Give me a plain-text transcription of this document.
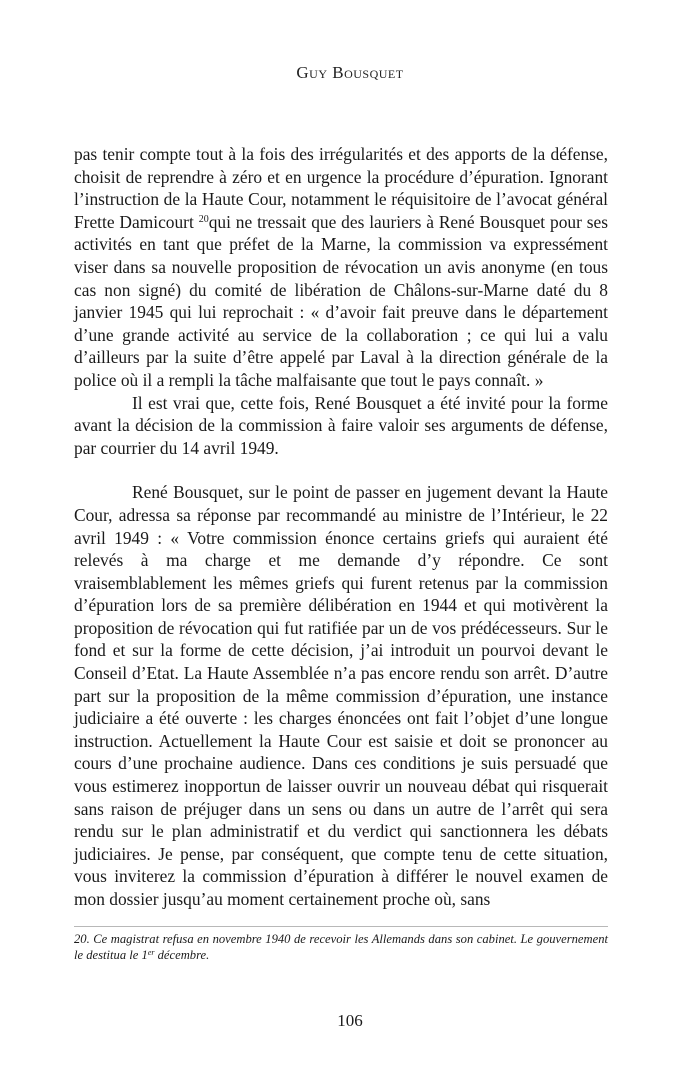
Guy Bousquet

pas tenir compte tout à la fois des irrégularités et des apports de la défense, choisit de reprendre à zéro et en urgence la procédure d’épuration. Ignorant l’instruction de la Haute Cour, notamment le réquisitoire de l’avocat général Frette Damicourt $^{20}$qui ne tressait que des lauriers à René Bousquet pour ses activités en tant que préfet de la Marne, la commission va expressément viser dans sa nouvelle proposition de révocation un avis anonyme (en tous cas non signé) du comité de libération de Châlons-sur-Marne daté du 8 janvier 1945 qui lui reprochait : « d’avoir fait preuve dans le département d’une grande activité au service de la collaboration ; ce qui lui a valu d’ailleurs par la suite d’être appelé par Laval à la direction générale de la police où il a rempli la tâche malfaisante que tout le pays connaît. »

Il est vrai que, cette fois, René Bousquet a été invité pour la forme avant la décision de la commission à faire valoir ses arguments de défense, par courrier du 14 avril 1949.

René Bousquet, sur le point de passer en jugement devant la Haute Cour, adressa sa réponse par recommandé au ministre de l’Intérieur, le 22 avril 1949 : « Votre commission énonce certains griefs qui auraient été relevés à ma charge et me demande d’y répondre. Ce sont vraisemblablement les mêmes griefs qui furent retenus par la commission d’épuration lors de sa première délibération en 1944 et qui motivèrent la proposition de révocation qui fut ratifiée par un de vos prédécesseurs. Sur le fond et sur la forme de cette décision, j’ai introduit un pourvoi devant le Conseil d’Etat. La Haute Assemblée n’a pas encore rendu son arrêt. D’autre part sur la proposition de la même commission d’épuration, une instance judiciaire a été ouverte : les charges énoncées ont fait l’objet d’une longue instruction. Actuellement la Haute Cour est saisie et doit se prononcer au cours d’une prochaine audience. Dans ces conditions je suis persuadé que vous estimerez inopportun de laisser ouvrir un nouveau débat qui risquerait sans raison de préjuger dans un sens ou dans un autre de l’arrêt qui sera rendu sur le plan administratif et du verdict qui sanctionnera les débats judiciaires. Je pense, par conséquent, que compte tenu de cette situation, vous inviterez la commission d’épuration à différer le nouvel examen de mon dossier jusqu’au moment certainement proche où, sans

20. Ce magistrat refusa en novembre 1940 de recevoir les Allemands dans son cabinet. Le gouvernement le destitua le 1er décembre.
106
